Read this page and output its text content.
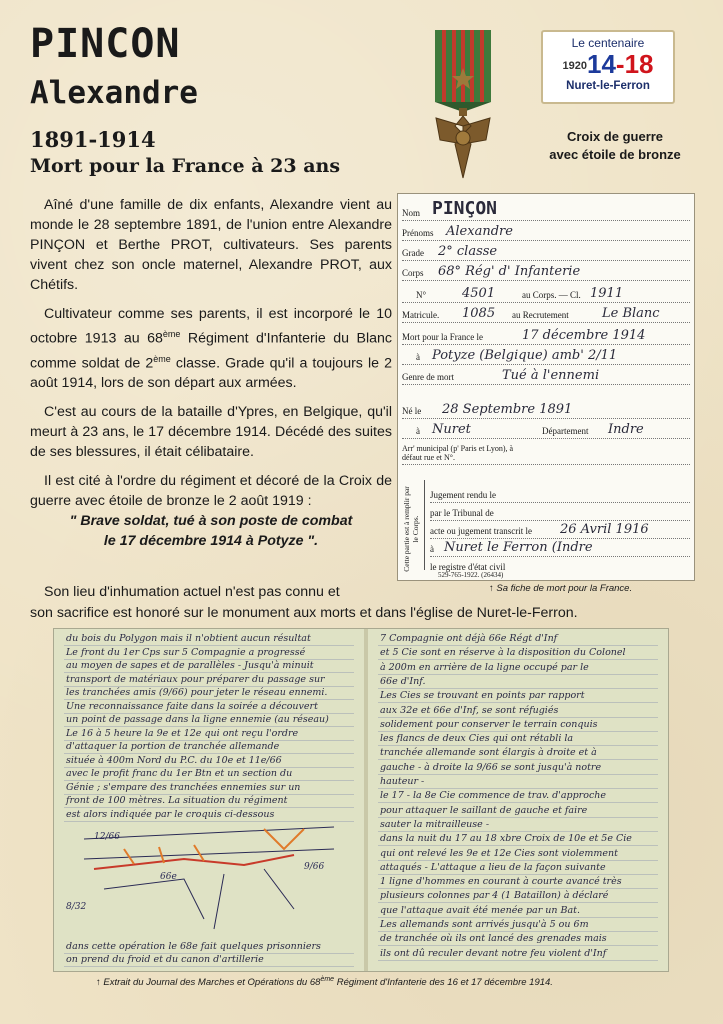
PINCON
Alexandre
1891-1914
Mort pour la France à 23 ans
Le centenaire
192014-18
Nuret-le-Ferron
Croix de guerre
avec étoile de bronze

Aîné d'une famille de dix enfants, Alexandre vient au monde le 28 septembre 1891, de l'union entre Alexandre PINÇON et Berthe PROT, cultivateurs. Ses parents vivent chez son oncle maternel, Alexandre PROT, aux Chétifs.

Cultivateur comme ses parents, il est incorporé le 10 octobre 1913 au 68ème Régiment d'Infanterie du Blanc comme soldat de 2ème classe. Grade qu'il a toujours le 2 août 1914, lors de son départ aux armées.

C'est au cours de la bataille d'Ypres, en Belgique, qu'il meurt à 23 ans, le 17 décembre 1914. Décédé des suites de ses blessures, il était célibataire.

Il est cité à l'ordre du régiment et décoré de la Croix de guerre avec étoile de bronze le 2 août 1919 :

" Brave soldat, tué à son poste de combat
le 17 décembre 1914 à Potyze ".

Son lieu d'inhumation actuel n'est pas connu et
son sacrifice est honoré sur le monument aux morts et dans l'église de Nuret-le-Ferron.
Nom PINÇON
Prénoms Alexandre
Grade 2° classe
Corps 68° Rég' d' Infanterie
N°	4501	au Corps. — Cl. 1911
Matricule. 1085 au Recrutement	Le Blanc
Mort pour la France le	17 décembre 1914
à Potyze (Belgique) amb' 2/11
Genre de mort	Tué à l'ennemi
Né le 28 Septembre 1891
à Nuret	Département Indre
Arr' municipal (p' Paris et Lyon), à défaut rue et N°.
Cette partie est à remplir par le Corps.
Jugement rendu le
par le Tribunal de
acte ou jugement transcrit le 26 Avril 1916
à Nuret le Ferron (Indre
le registre d'état civil
529-765-1922. (26434)
↑ Sa fiche de mort pour la France.
du bois du Polygon mais il n'obtient aucun résultat
Le front du 1er Cps sur 5 Compagnie a progressé
au moyen de sapes et de parallèles - Jusqu'à minuit
transport de matériaux pour préparer du passage sur
les tranchées amis (9/66) pour jeter le réseau ennemi.
Une reconnaissance faite dans la soirée a découvert
un point de passage dans la ligne ennemie (au réseau)
Le 16 à 5 heure la 9e et 12e qui ont reçu l'ordre
d'attaquer la portion de tranchée allemande
située à 400m Nord du P.C. du 10e et 11e/66
avec le profit franc du 1er Btn et un section du
Génie ; s'empare des tranchées ennemies sur un
front de 100 mètres. La situation du régiment
est alors indiquée par le croquis ci-dessous
dans cette opération le 68e fait quelques prisonniers
on prend du froid et du canon d'artillerie
7 Compagnie ont déjà 66e Régt d'Inf
et 5 Cie sont en réserve à la disposition du Colonel
à 200m en arrière de la ligne occupé par le
66e d'Inf.
Les Cies se trouvant en points par rapport
aux 32e et 66e d'Inf, se sont réfugiés
solidement pour conserver le terrain conquis
les flancs de deux Cies qui ont rétabli la
tranchée allemande sont élargis à droite et à
gauche - à droite la 9/66 se sont jusqu'à notre
hauteur -
le 17 - la 8e Cie commence de trav. d'approche
pour attaquer le saillant de gauche et faire
sauter la mitrailleuse -
dans la nuit du 17 au 18 xbre Croix de 10e et 5e Cie
qui ont relevé les 9e et 12e Cies sont violemment
attaqués - L'attaque a lieu de la façon suivante
1 ligne d'hommes en courant à courte avancé très
plusieurs colonnes par 4 (1 Bataillon) à déclaré
que l'attaque avait été menée par un Bat.
Les allemands sont arrivés jusqu'à 5 ou 6m
de tranchée où ils ont lancé des grenades mais
ils ont dû reculer devant notre feu violent d'Inf
66e
9/66
8/32
12/66
↑ Extrait du Journal des Marches et Opérations du 68ème Régiment d'Infanterie des 16 et 17 décembre 1914.
